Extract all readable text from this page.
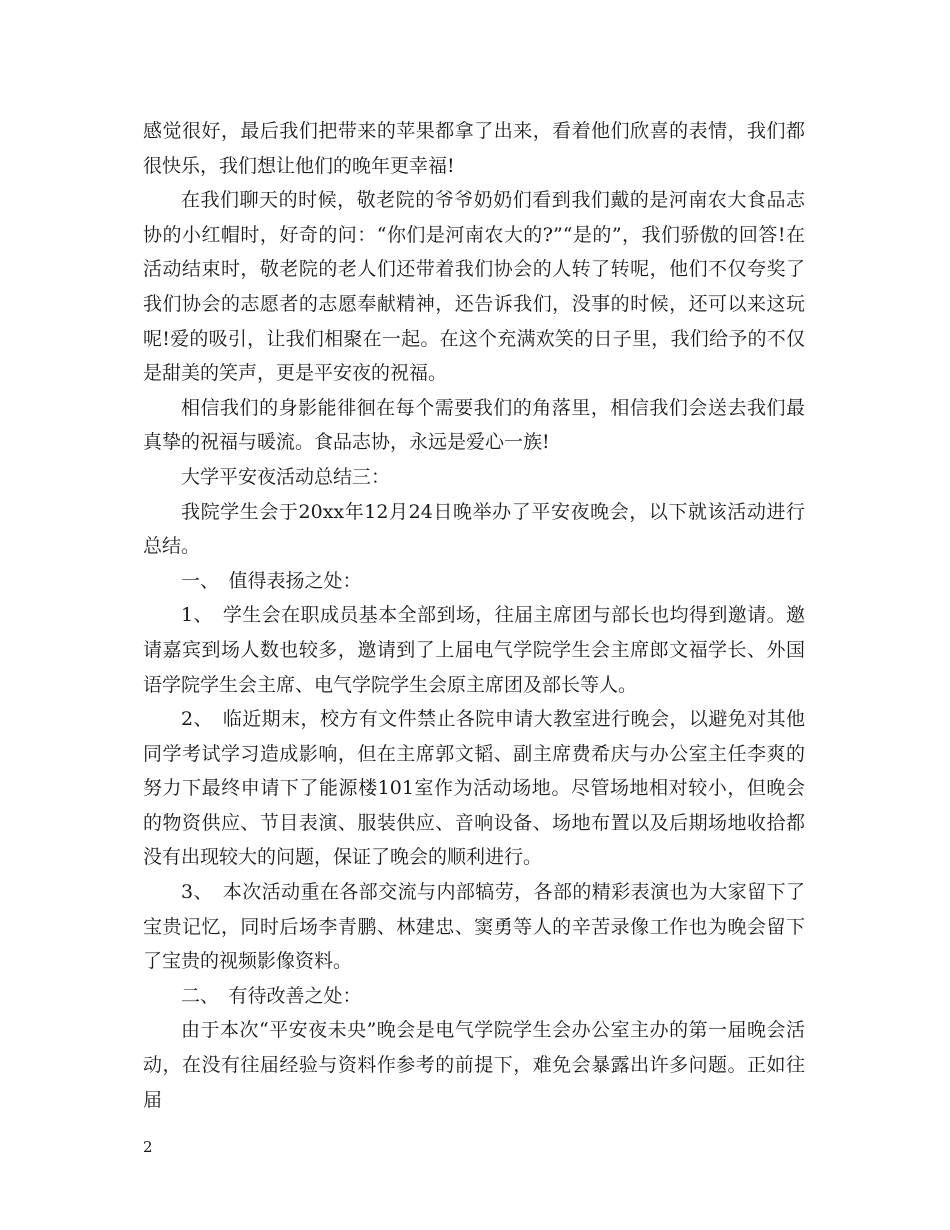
感觉很好，最后我们把带来的苹果都拿了出来，看着他们欣喜的表情，我们都很快乐，我们想让他们的晚年更幸福!

在我们聊天的时候，敬老院的爷爷奶奶们看到我们戴的是河南农大食品志协的小红帽时，好奇的问：“你们是河南农大的?”“是的”，我们骄傲的回答!在活动结束时，敬老院的老人们还带着我们协会的人转了转呢，他们不仅夸奖了我们协会的志愿者的志愿奉献精神，还告诉我们，没事的时候，还可以来这玩呢!爱的吸引，让我们相聚在一起。在这个充满欢笑的日子里，我们给予的不仅是甜美的笑声，更是平安夜的祝福。

相信我们的身影能徘徊在每个需要我们的角落里，相信我们会送去我们最真挚的祝福与暖流。食品志协，永远是爱心一族!

大学平安夜活动总结三：

我院学生会于20xx年12月24日晚举办了平安夜晚会，以下就该活动进行总结。

一、　值得表扬之处：

1、　学生会在职成员基本全部到场，往届主席团与部长也均得到邀请。邀请嘉宾到场人数也较多，邀请到了上届电气学院学生会主席郎文福学长、外国语学院学生会主席、电气学院学生会原主席团及部长等人。

2、　临近期末，校方有文件禁止各院申请大教室进行晚会，以避免对其他同学考试学习造成影响，但在主席郭文韬、副主席费希庆与办公室主任李爽的努力下最终申请下了能源楼101室作为活动场地。尽管场地相对较小，但晚会的物资供应、节目表演、服装供应、音响设备、场地布置以及后期场地收拾都没有出现较大的问题，保证了晚会的顺利进行。

3、　本次活动重在各部交流与内部犒劳，各部的精彩表演也为大家留下了宝贵记忆，同时后场李青鹏、林建忠、窦勇等人的辛苦录像工作也为晚会留下了宝贵的视频影像资料。

二、　有待改善之处：

由于本次“平安夜未央”晚会是电气学院学生会办公室主办的第一届晚会活动，在没有往届经验与资料作参考的前提下，难免会暴露出许多问题。正如往届

2
